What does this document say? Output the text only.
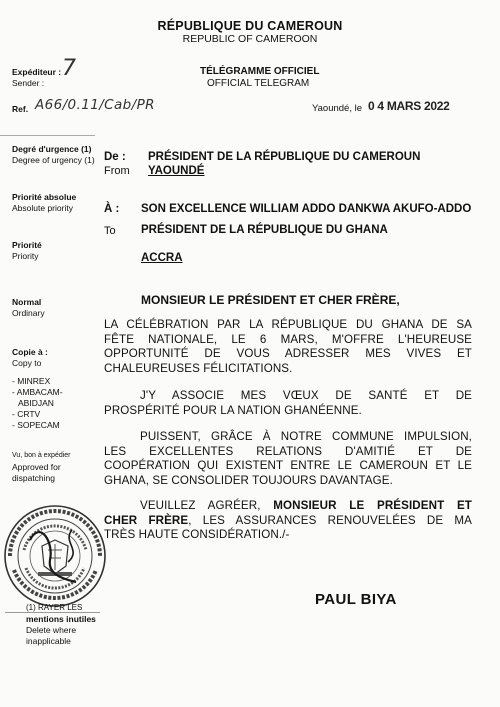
RÉPUBLIQUE DU CAMEROUN
REPUBLIC OF CAMEROON
TÉLÉGRAMME OFFICIEL
OFFICIAL TELEGRAM
Yaoundé, le 0 4 MARS 2022
Expéditeur :
Sender :
7
Ref. A66/0.11/Cab/PR
Degré d'urgence (1)
Degree of urgency (1)
Priorité absolue
Absolute priority
Priorité
Priority
Normal
Ordinary
Copie à :
Copy to
- MINREX
- AMBACAM-
ABIDJAN
- CRTV
- SOPECAM
Vu, bon à expédier
Approved for
dispatching
(1) RAYER LES
mentions inutiles
Delete where
inapplicable
De :
From
PRÉSIDENT DE LA RÉPUBLIQUE DU CAMEROUN
YAOUNDÉ
À :
To
SON EXCELLENCE WILLIAM ADDO DANKWA AKUFO-ADDO
PRÉSIDENT DE LA RÉPUBLIQUE DU GHANA
ACCRA
MONSIEUR LE PRÉSIDENT ET CHER FRÈRE,
LA CÉLÉBRATION PAR LA RÉPUBLIQUE DU GHANA DE SA
FÊTE NATIONALE, LE 6 MARS, M'OFFRE L'HEUREUSE
OPPORTUNITÉ DE VOUS ADRESSER MES VIVES ET
CHALEUREUSES FÉLICITATIONS.
J'Y ASSOCIE MES VŒUX DE SANTÉ ET DE
PROSPÉRITÉ POUR LA NATION GHANÉENNE.
PUISSENT, GRÂCE À NOTRE COMMUNE IMPULSION,
LES EXCELLENTES RELATIONS D'AMITIÉ ET DE
COOPÉRATION QUI EXISTENT ENTRE LE CAMEROUN ET LE
GHANA, SE CONSOLIDER TOUJOURS DAVANTAGE.
VEUILLEZ AGRÉER, MONSIEUR LE PRÉSIDENT ET
CHER FRÈRE, LES ASSURANCES RENOUVELÉES DE MA
TRÈS HAUTE CONSIDÉRATION./-
PAUL BIYA
